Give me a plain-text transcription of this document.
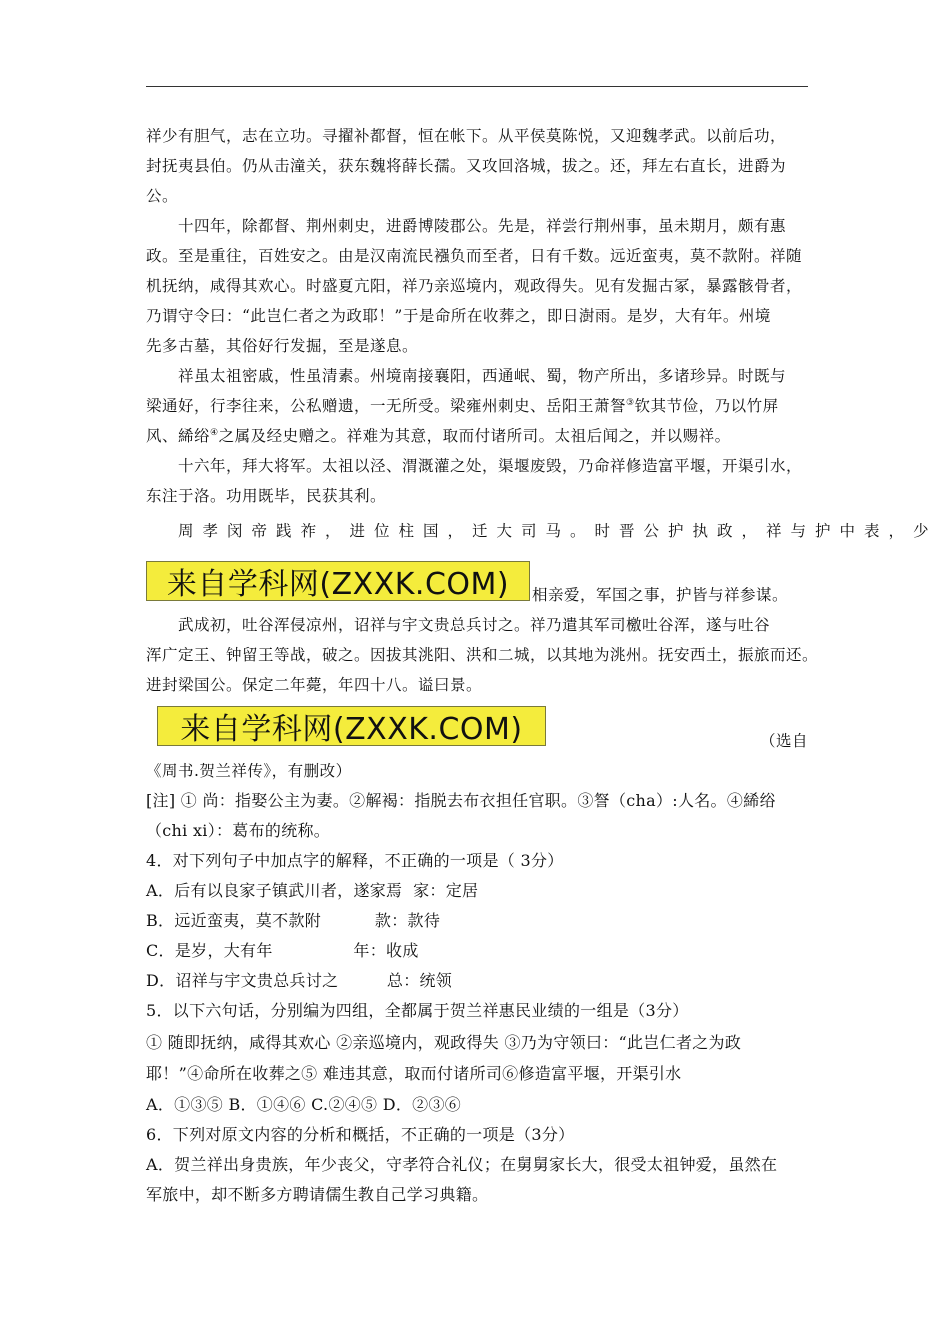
祥少有胆气，志在立功。寻擢补都督，恒在帐下。从平侯莫陈悦，又迎魏孝武。以前后功，
封抚夷县伯。仍从击潼关，获东魏将薛长孺。又攻回洛城，拔之。还，拜左右直长，进爵为
公。
十四年，除都督、荆州刺史，进爵博陵郡公。先是，祥尝行荆州事，虽未期月，颇有惠
政。至是重往，百姓安之。由是汉南流民襁负而至者，日有千数。远近蛮夷，莫不款附。祥随
机抚纳，咸得其欢心。时盛夏亢阳，祥乃亲巡境内，观政得失。见有发掘古冢，暴露骸骨者，
乃谓守令曰：“此岂仁者之为政耶！”于是命所在收葬之，即日澍雨。是岁，大有年。州境
先多古墓，其俗好行发掘，至是遂息。
祥虽太祖密戚，性虽清素。州境南接襄阳，西通岷、蜀，物产所出，多诸珍异。时既与
梁通好，行李往来，公私赠遗，一无所受。梁雍州刺史、岳阳王萧詧③钦其节俭，乃以竹屏
风、絺绤④之属及经史赠之。祥难为其意，取而付诸所司。太祖后闻之，并以赐祥。
十六年，拜大将军。太祖以泾、渭溉灌之处，渠堰废毁，乃命祥修造富平堰，开渠引水，
东注于洛。功用既毕，民获其利。
周孝闵帝践祚，进位柱国，迁大司马。时晋公护执政，祥与护中表，少
相亲爱，军国之事，护皆与祥参谋。
武成初，吐谷浑侵凉州，诏祥与宇文贵总兵讨之。祥乃遣其军司檄吐谷浑，遂与吐谷
浑广定王、钟留王等战，破之。因拔其洮阳、洪和二城，以其地为洮州。抚安西土，振旅而还。
进封梁国公。保定二年薨，年四十八。谥曰景。
（选自
《周书.贺兰祥传》，有删改）
[注] ① 尚：指娶公主为妻。②解褐：指脱去布衣担任官职。③詧（cha）:人名。④絺绤
（chi xi）：葛布的统称。
4．对下列句子中加点字的解释，不正确的一项是（ 3分）
A．后有以良家子镇武川者，遂家焉  家：定居
B．远近蛮夷，莫不款附          款：款待
C．是岁，大有年               年：收成
D．诏祥与宇文贵总兵讨之         总：统领
5．以下六句话，分别编为四组，全都属于贺兰祥惠民业绩的一组是（3分）
① 随即抚纳，咸得其欢心 ②亲巡境内，观政得失 ③乃为守领曰：“此岂仁者之为政
耶！”④命所在收葬之⑤ 难违其意，取而付诸所司⑥修造富平堰，开渠引水
A．①③⑤ B．①④⑥ C.②④⑤ D．②③⑥
6．下列对原文内容的分析和概括，不正确的一项是（3分）
A．贺兰祥出身贵族，年少丧父，守孝符合礼仪；在舅舅家长大，很受太祖钟爱，虽然在
军旅中，却不断多方聘请儒生教自己学习典籍。
来自学科网(ZXXK.COM)
来自学科网(ZXXK.COM)
